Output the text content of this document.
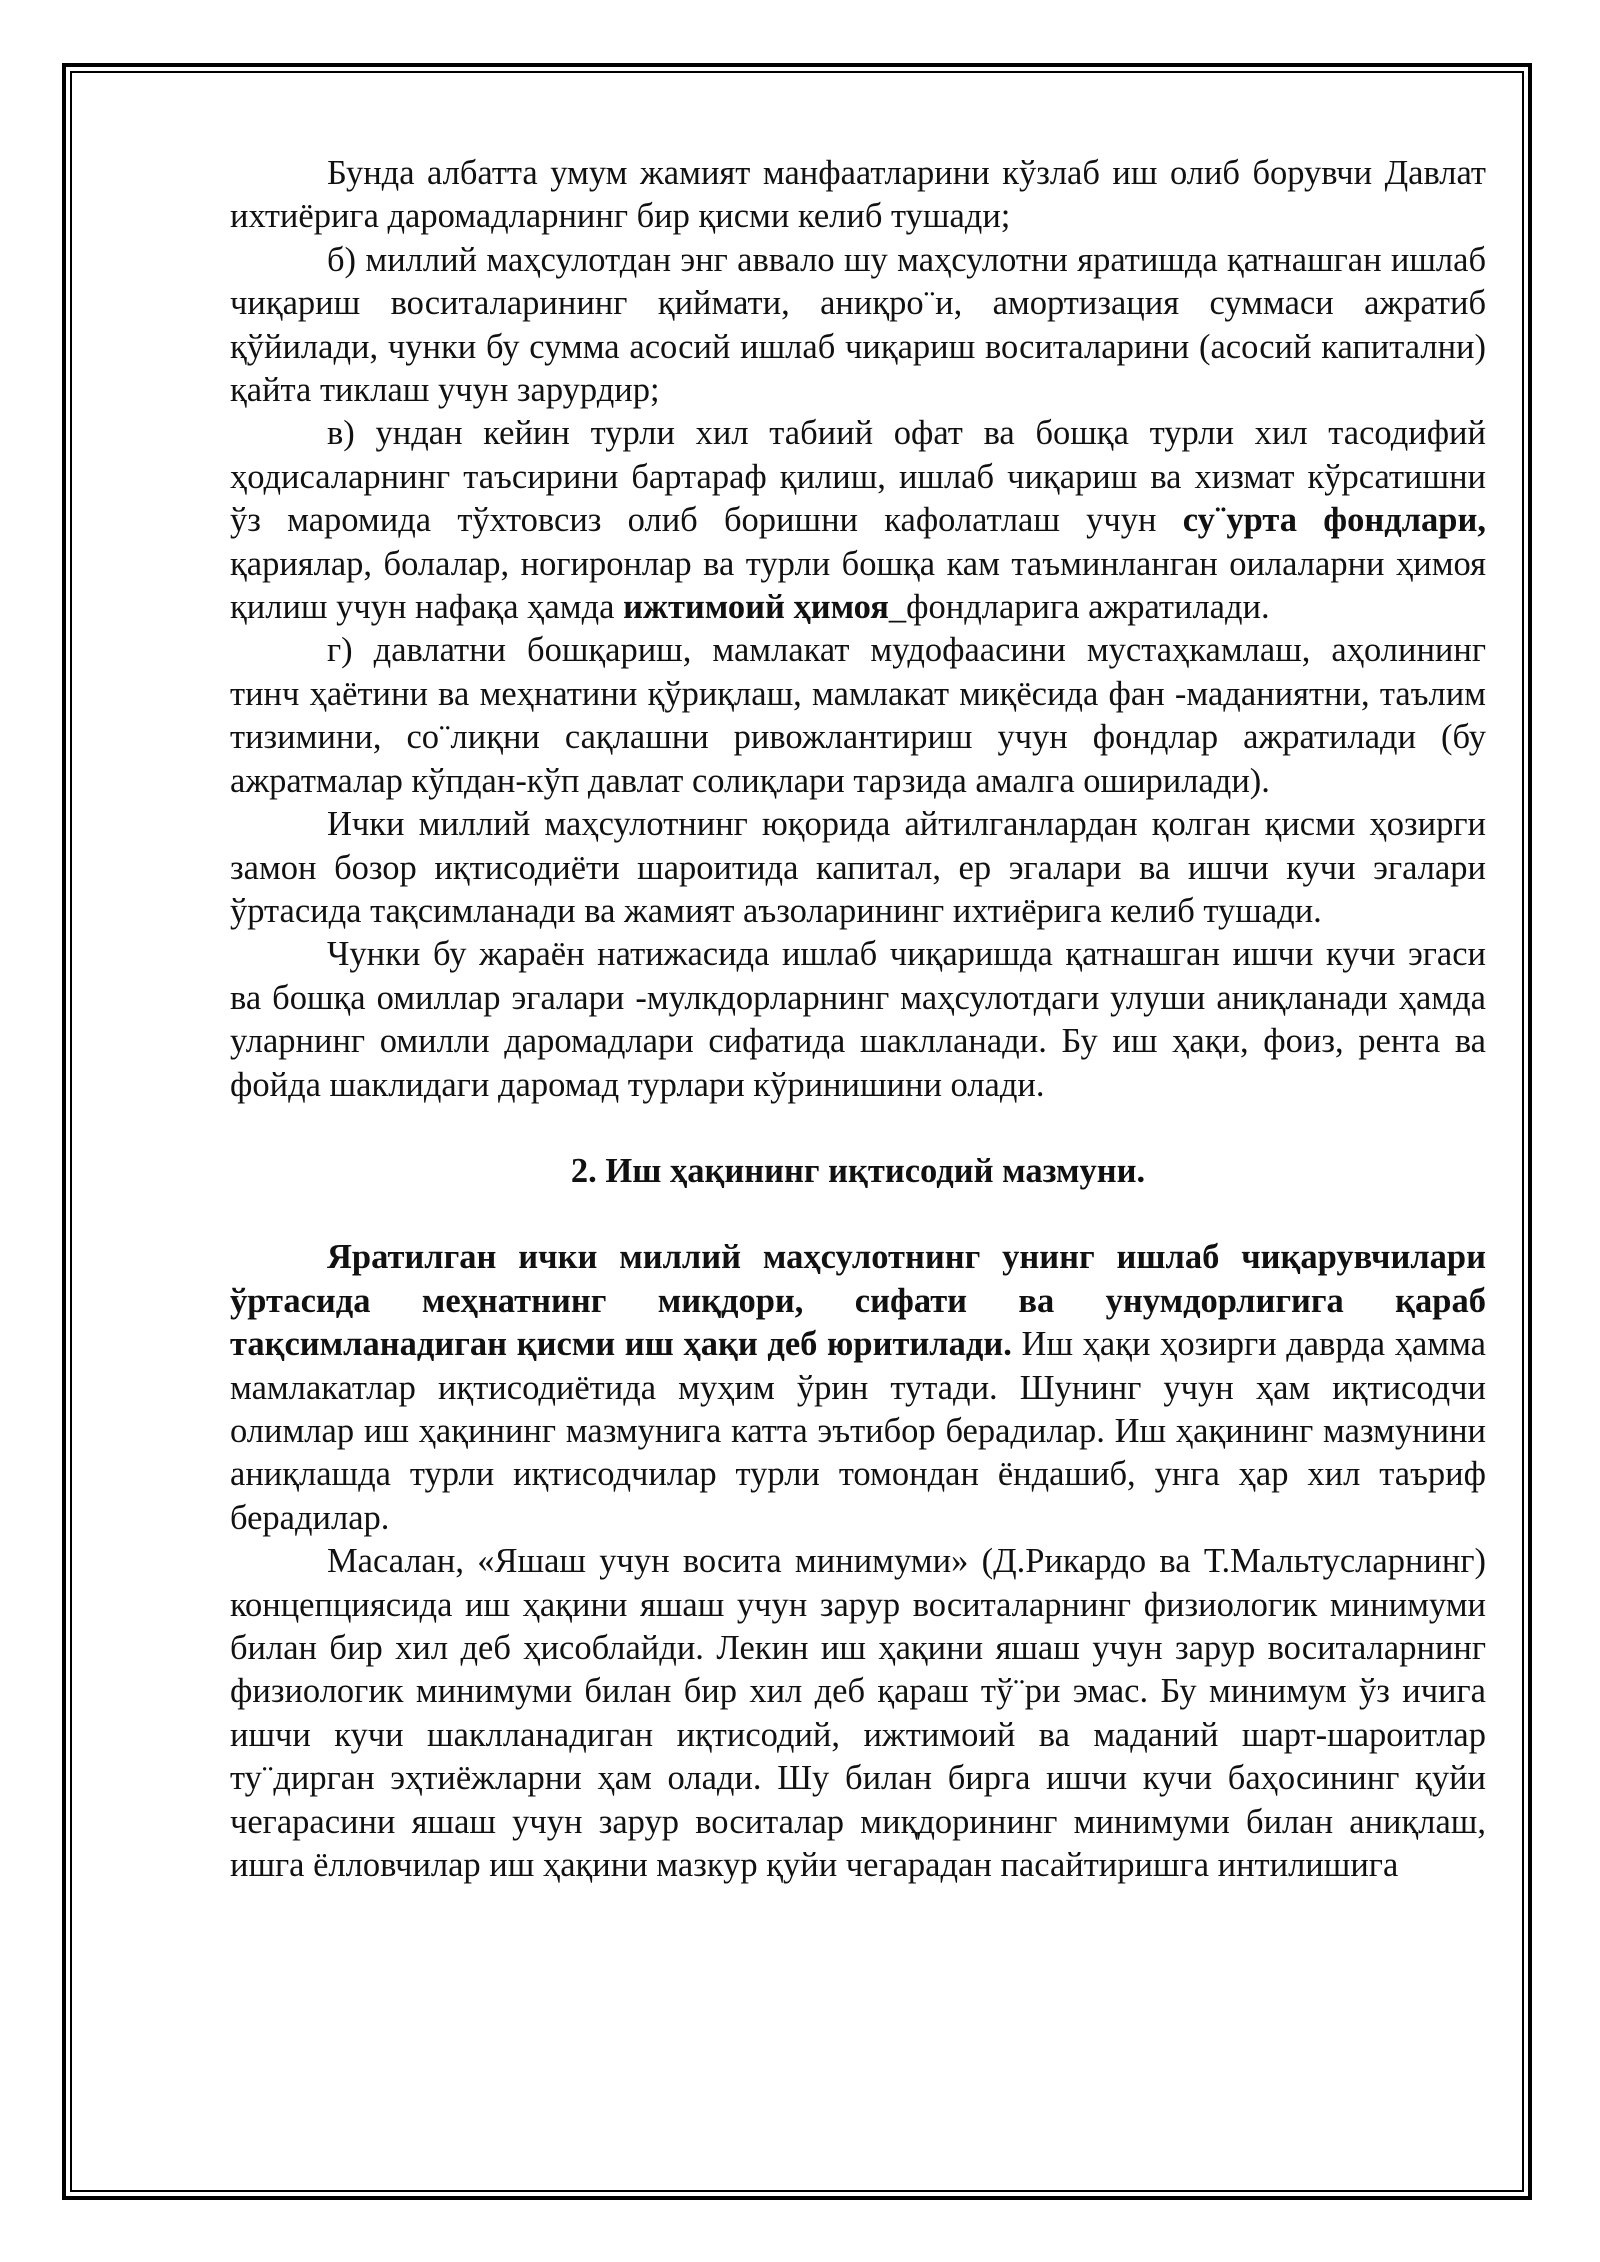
Бунда албатта умум жамият манфаатларини кўзлаб иш олиб борувчи Давлат ихтиёрига даромадларнинг бир қисми келиб тушади;

б) миллий маҳсулотдан энг аввало шу маҳсулотни яратишда қатнашган ишлаб чиқариш воситаларининг қиймати, аниқро¨и, амортизация суммаси ажратиб қўйилади, чунки бу сумма асосий ишлаб чиқариш воситаларини (асосий капитални) қайта тиклаш учун зарурдир;

в) ундан кейин турли хил табиий офат ва бошқа турли хил тасодифий ҳодисаларнинг таъсирини бартараф қилиш, ишлаб чиқариш ва хизмат кўрсатишни ўз маромида тўхтовсиз олиб боришни кафолатлаш учун су¨урта фондлари, қариялар, болалар, ногиронлар ва турли бошқа кам таъминланган оилаларни ҳимоя қилиш учун нафақа ҳамда ижтимоий ҳимоя_фондларига ажратилади.

г) давлатни бошқариш, мамлакат мудофаасини мустаҳкамлаш, аҳолининг тинч ҳаётини ва меҳнатини қўриқлаш, мамлакат миқёсида фан -маданиятни, таълим тизимини, со¨лиқни сақлашни ривожлантириш учун фондлар ажратилади (бу ажратмалар кўпдан-кўп давлат солиқлари тарзида амалга оширилади).

Ички миллий маҳсулотнинг юқорида айтилганлардан қолган қисми ҳозирги замон бозор иқтисодиёти шароитида капитал, ер эгалари ва ишчи кучи эгалари ўртасида тақсимланади ва жамият аъзоларининг ихтиёрига келиб тушади.

Чунки бу жараён натижасида ишлаб чиқаришда қатнашган ишчи кучи эгаси ва бошқа омиллар эгалари -мулкдорларнинг маҳсулотдаги улуши аниқланади ҳамда уларнинг омилли даромадлари сифатида шаклланади. Бу иш ҳақи, фоиз, рента ва фойда шаклидаги даромад турлари кўринишини олади.

2. Иш ҳақининг иқтисодий мазмуни.

Яратилган ички миллий маҳсулотнинг унинг ишлаб чиқарувчилари ўртасида меҳнатнинг миқдори, сифати ва унумдорлигига қараб тақсимланадиган қисми иш ҳақи деб юритилади. Иш ҳақи ҳозирги даврда ҳамма мамлакатлар иқтисодиётида муҳим ўрин тутади. Шунинг учун ҳам иқтисодчи олимлар иш ҳақининг мазмунига катта эътибор берадилар. Иш ҳақининг мазмунини аниқлашда турли иқтисодчилар турли томондан ёндашиб, унга ҳар хил таъриф берадилар.

Масалан, «Яшаш учун восита минимуми» (Д.Рикардо ва Т.Мальтусларнинг) концепциясида иш ҳақини яшаш учун зарур воситаларнинг физиологик минимуми билан бир хил деб ҳисоблайди. Лекин иш ҳақини яшаш учун зарур воситаларнинг физиологик минимуми билан бир хил деб қараш тў¨ри эмас. Бу минимум ўз ичига ишчи кучи шаклланадиган иқтисодий, ижтимоий ва маданий шарт-шароитлар ту¨дирган эҳтиёжларни ҳам олади. Шу билан бирга ишчи кучи баҳосининг қуйи чегарасини яшаш учун зарур воситалар миқдорининг минимуми билан аниқлаш, ишга ёлловчилар иш ҳақини мазкур қуйи чегарадан пасайтиришга интилишига
